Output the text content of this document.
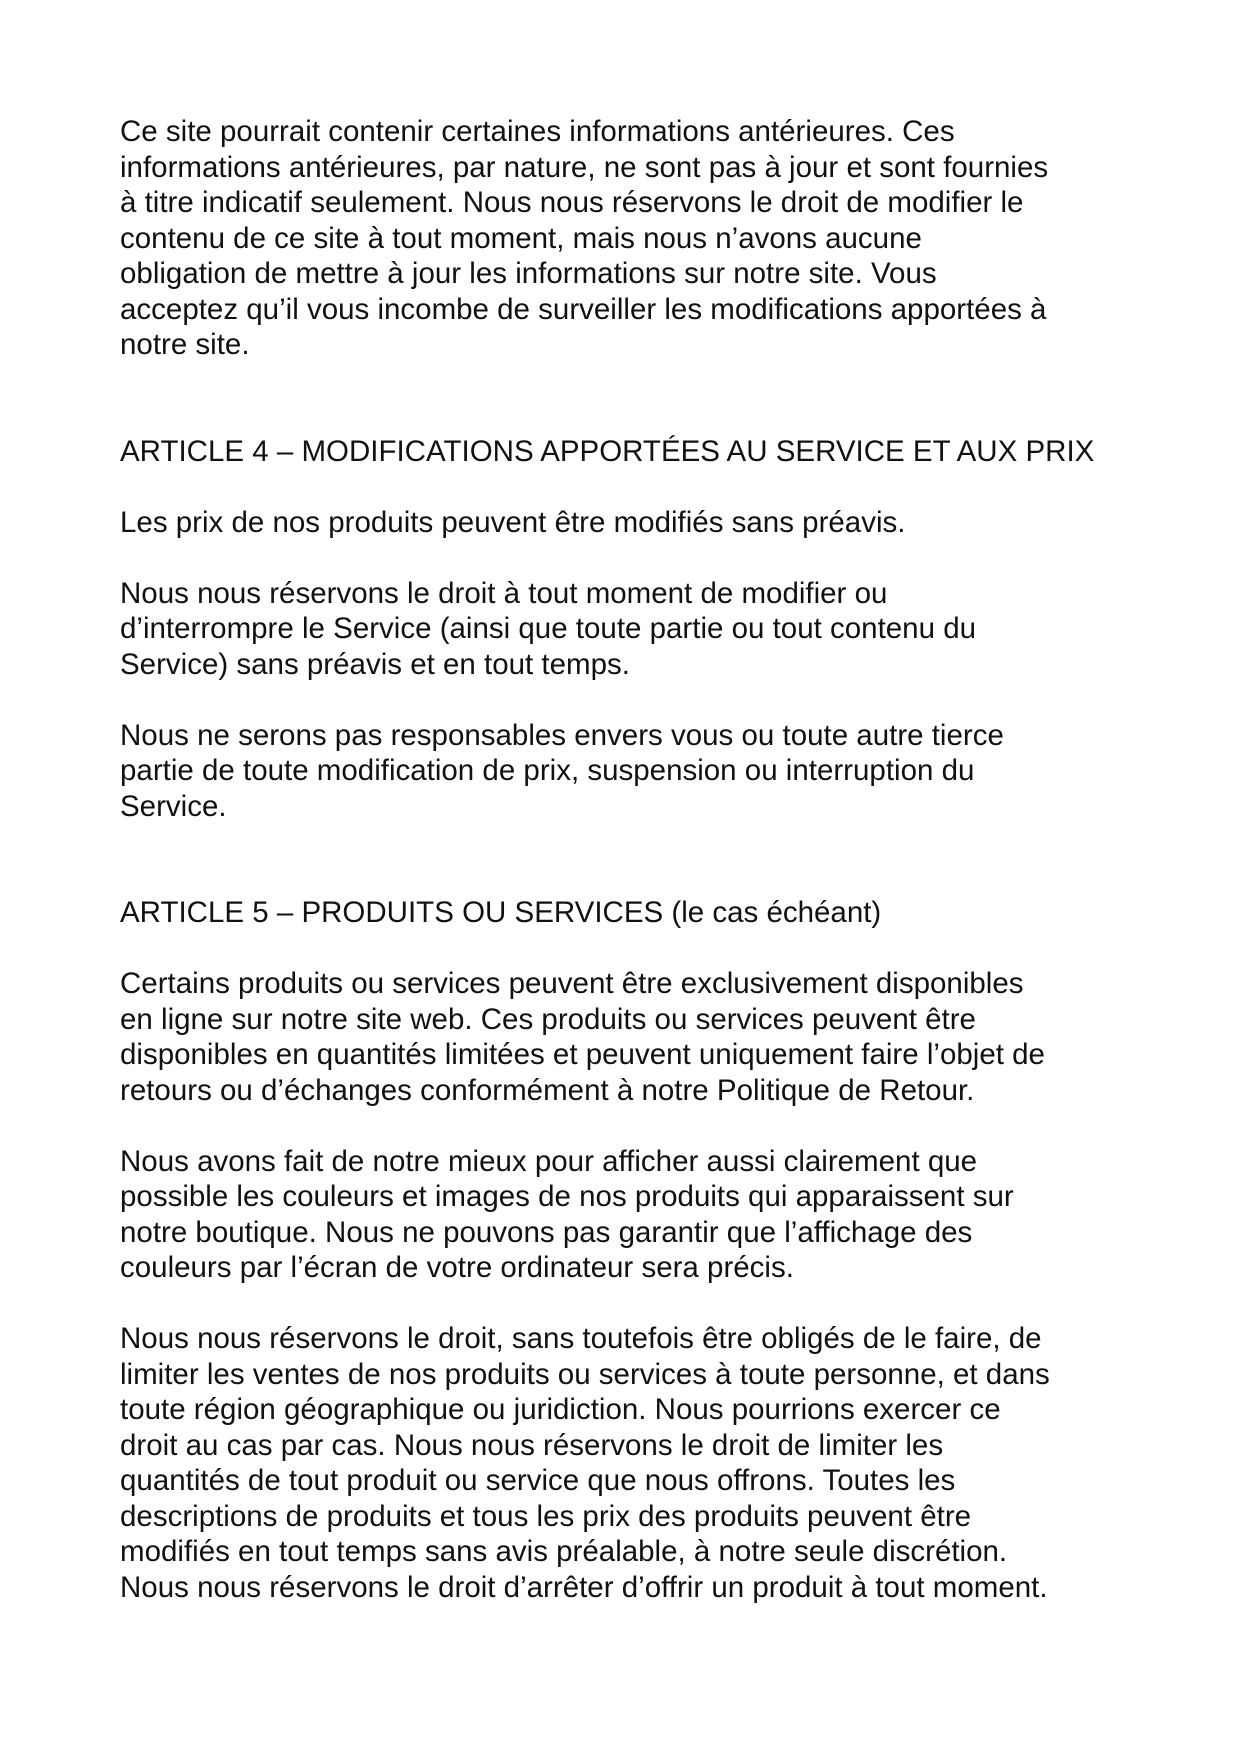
Ce site pourrait contenir certaines informations antérieures. Ces
informations antérieures, par nature, ne sont pas à jour et sont fournies
à titre indicatif seulement. Nous nous réservons le droit de modifier le
contenu de ce site à tout moment, mais nous n’avons aucune
obligation de mettre à jour les informations sur notre site. Vous
acceptez qu’il vous incombe de surveiller les modifications apportées à
notre site.

ARTICLE 4 – MODIFICATIONS APPORTÉES AU SERVICE ET AUX PRIX

Les prix de nos produits peuvent être modifiés sans préavis.

Nous nous réservons le droit à tout moment de modifier ou
d’interrompre le Service (ainsi que toute partie ou tout contenu du
Service) sans préavis et en tout temps.

Nous ne serons pas responsables envers vous ou toute autre tierce
partie de toute modification de prix, suspension ou interruption du
Service.

ARTICLE 5 – PRODUITS OU SERVICES (le cas échéant)

Certains produits ou services peuvent être exclusivement disponibles
en ligne sur notre site web. Ces produits ou services peuvent être
disponibles en quantités limitées et peuvent uniquement faire l’objet de
retours ou d’échanges conformément à notre Politique de Retour.

Nous avons fait de notre mieux pour afficher aussi clairement que
possible les couleurs et images de nos produits qui apparaissent sur
notre boutique. Nous ne pouvons pas garantir que l’affichage des
couleurs par l’écran de votre ordinateur sera précis.

Nous nous réservons le droit, sans toutefois être obligés de le faire, de
limiter les ventes de nos produits ou services à toute personne, et dans
toute région géographique ou juridiction. Nous pourrions exercer ce
droit au cas par cas. Nous nous réservons le droit de limiter les
quantités de tout produit ou service que nous offrons. Toutes les
descriptions de produits et tous les prix des produits peuvent être
modifiés en tout temps sans avis préalable, à notre seule discrétion.
Nous nous réservons le droit d’arrêter d’offrir un produit à tout moment.
